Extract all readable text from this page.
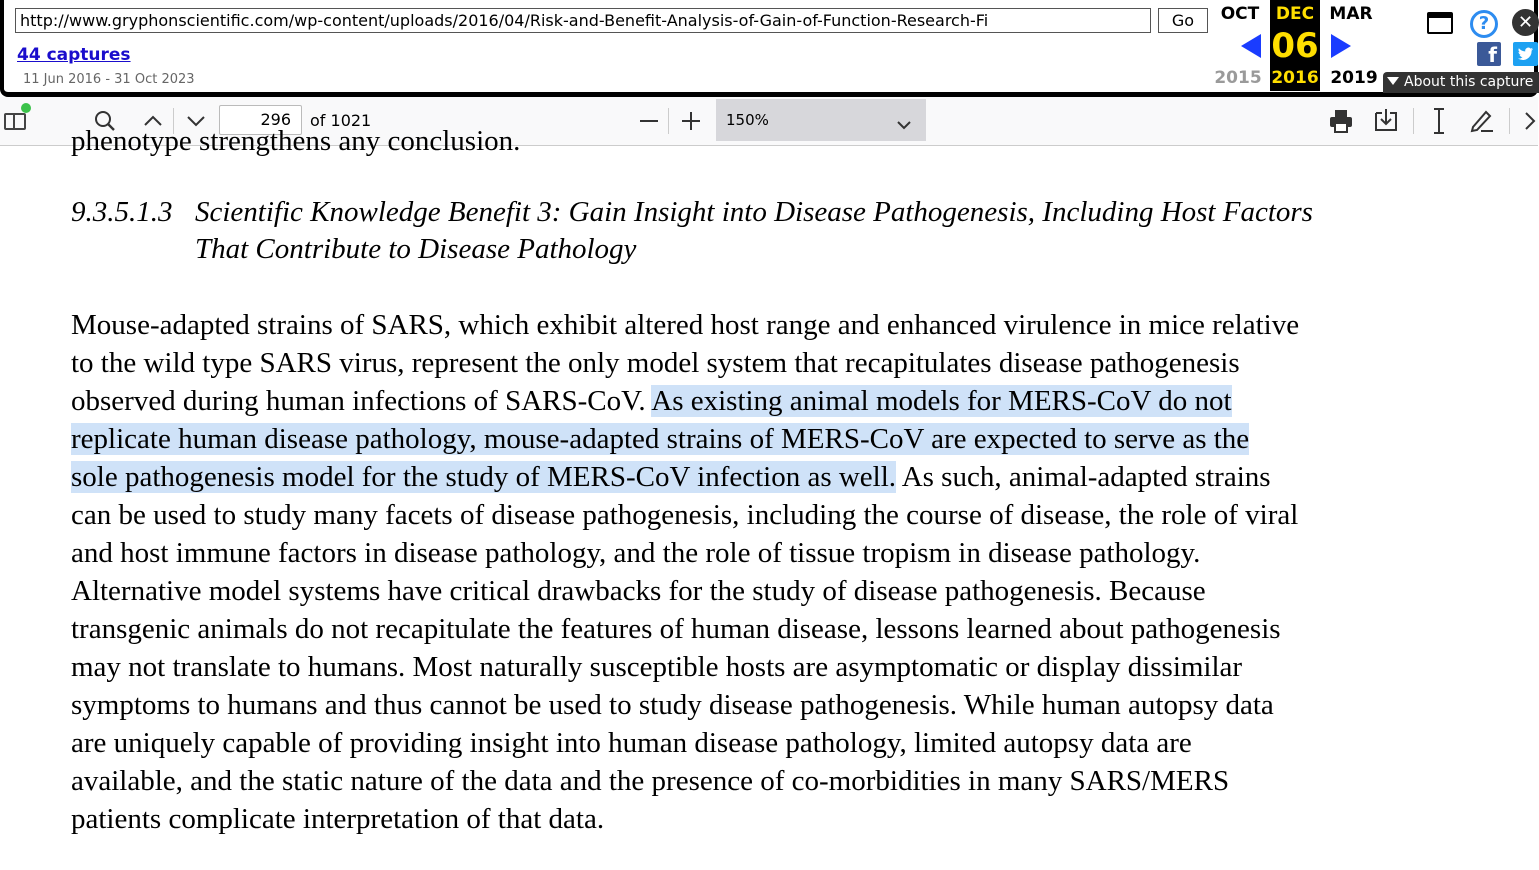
http://www.gryphonscientific.com/wp-content/uploads/2016/04/Risk-and-Benefit-Analysis-of-Gain-of-Function-Research-Fi	Go
44 captures
11 Jun 2016 - 31 Oct 2023
OCT
2015
DEC
06
2016
MAR
2019
?	✕
f
About this capture
296	of 1021	150%
phenotype strengthens any conclusion.
9.3.5.1.3 Scientific Knowledge Benefit 3: Gain Insight into Disease Pathogenesis, Including Host Factors
That Contribute to Disease Pathology
Mouse-adapted strains of SARS, which exhibit altered host range and enhanced virulence in mice relative
to the wild type SARS virus, represent the only model system that recapitulates disease pathogenesis
observed during human infections of SARS-CoV. As existing animal models for MERS-CoV do not
replicate human disease pathology, mouse-adapted strains of MERS-CoV are expected to serve as the
sole pathogenesis model for the study of MERS-CoV infection as well. As such, animal-adapted strains
can be used to study many facets of disease pathogenesis, including the course of disease, the role of viral
and host immune factors in disease pathology, and the role of tissue tropism in disease pathology.
Alternative model systems have critical drawbacks for the study of disease pathogenesis. Because
transgenic animals do not recapitulate the features of human disease, lessons learned about pathogenesis
may not translate to humans. Most naturally susceptible hosts are asymptomatic or display dissimilar
symptoms to humans and thus cannot be used to study disease pathogenesis. While human autopsy data
are uniquely capable of providing insight into human disease pathology, limited autopsy data are
available, and the static nature of the data and the presence of co-morbidities in many SARS/MERS
patients complicate interpretation of that data.
